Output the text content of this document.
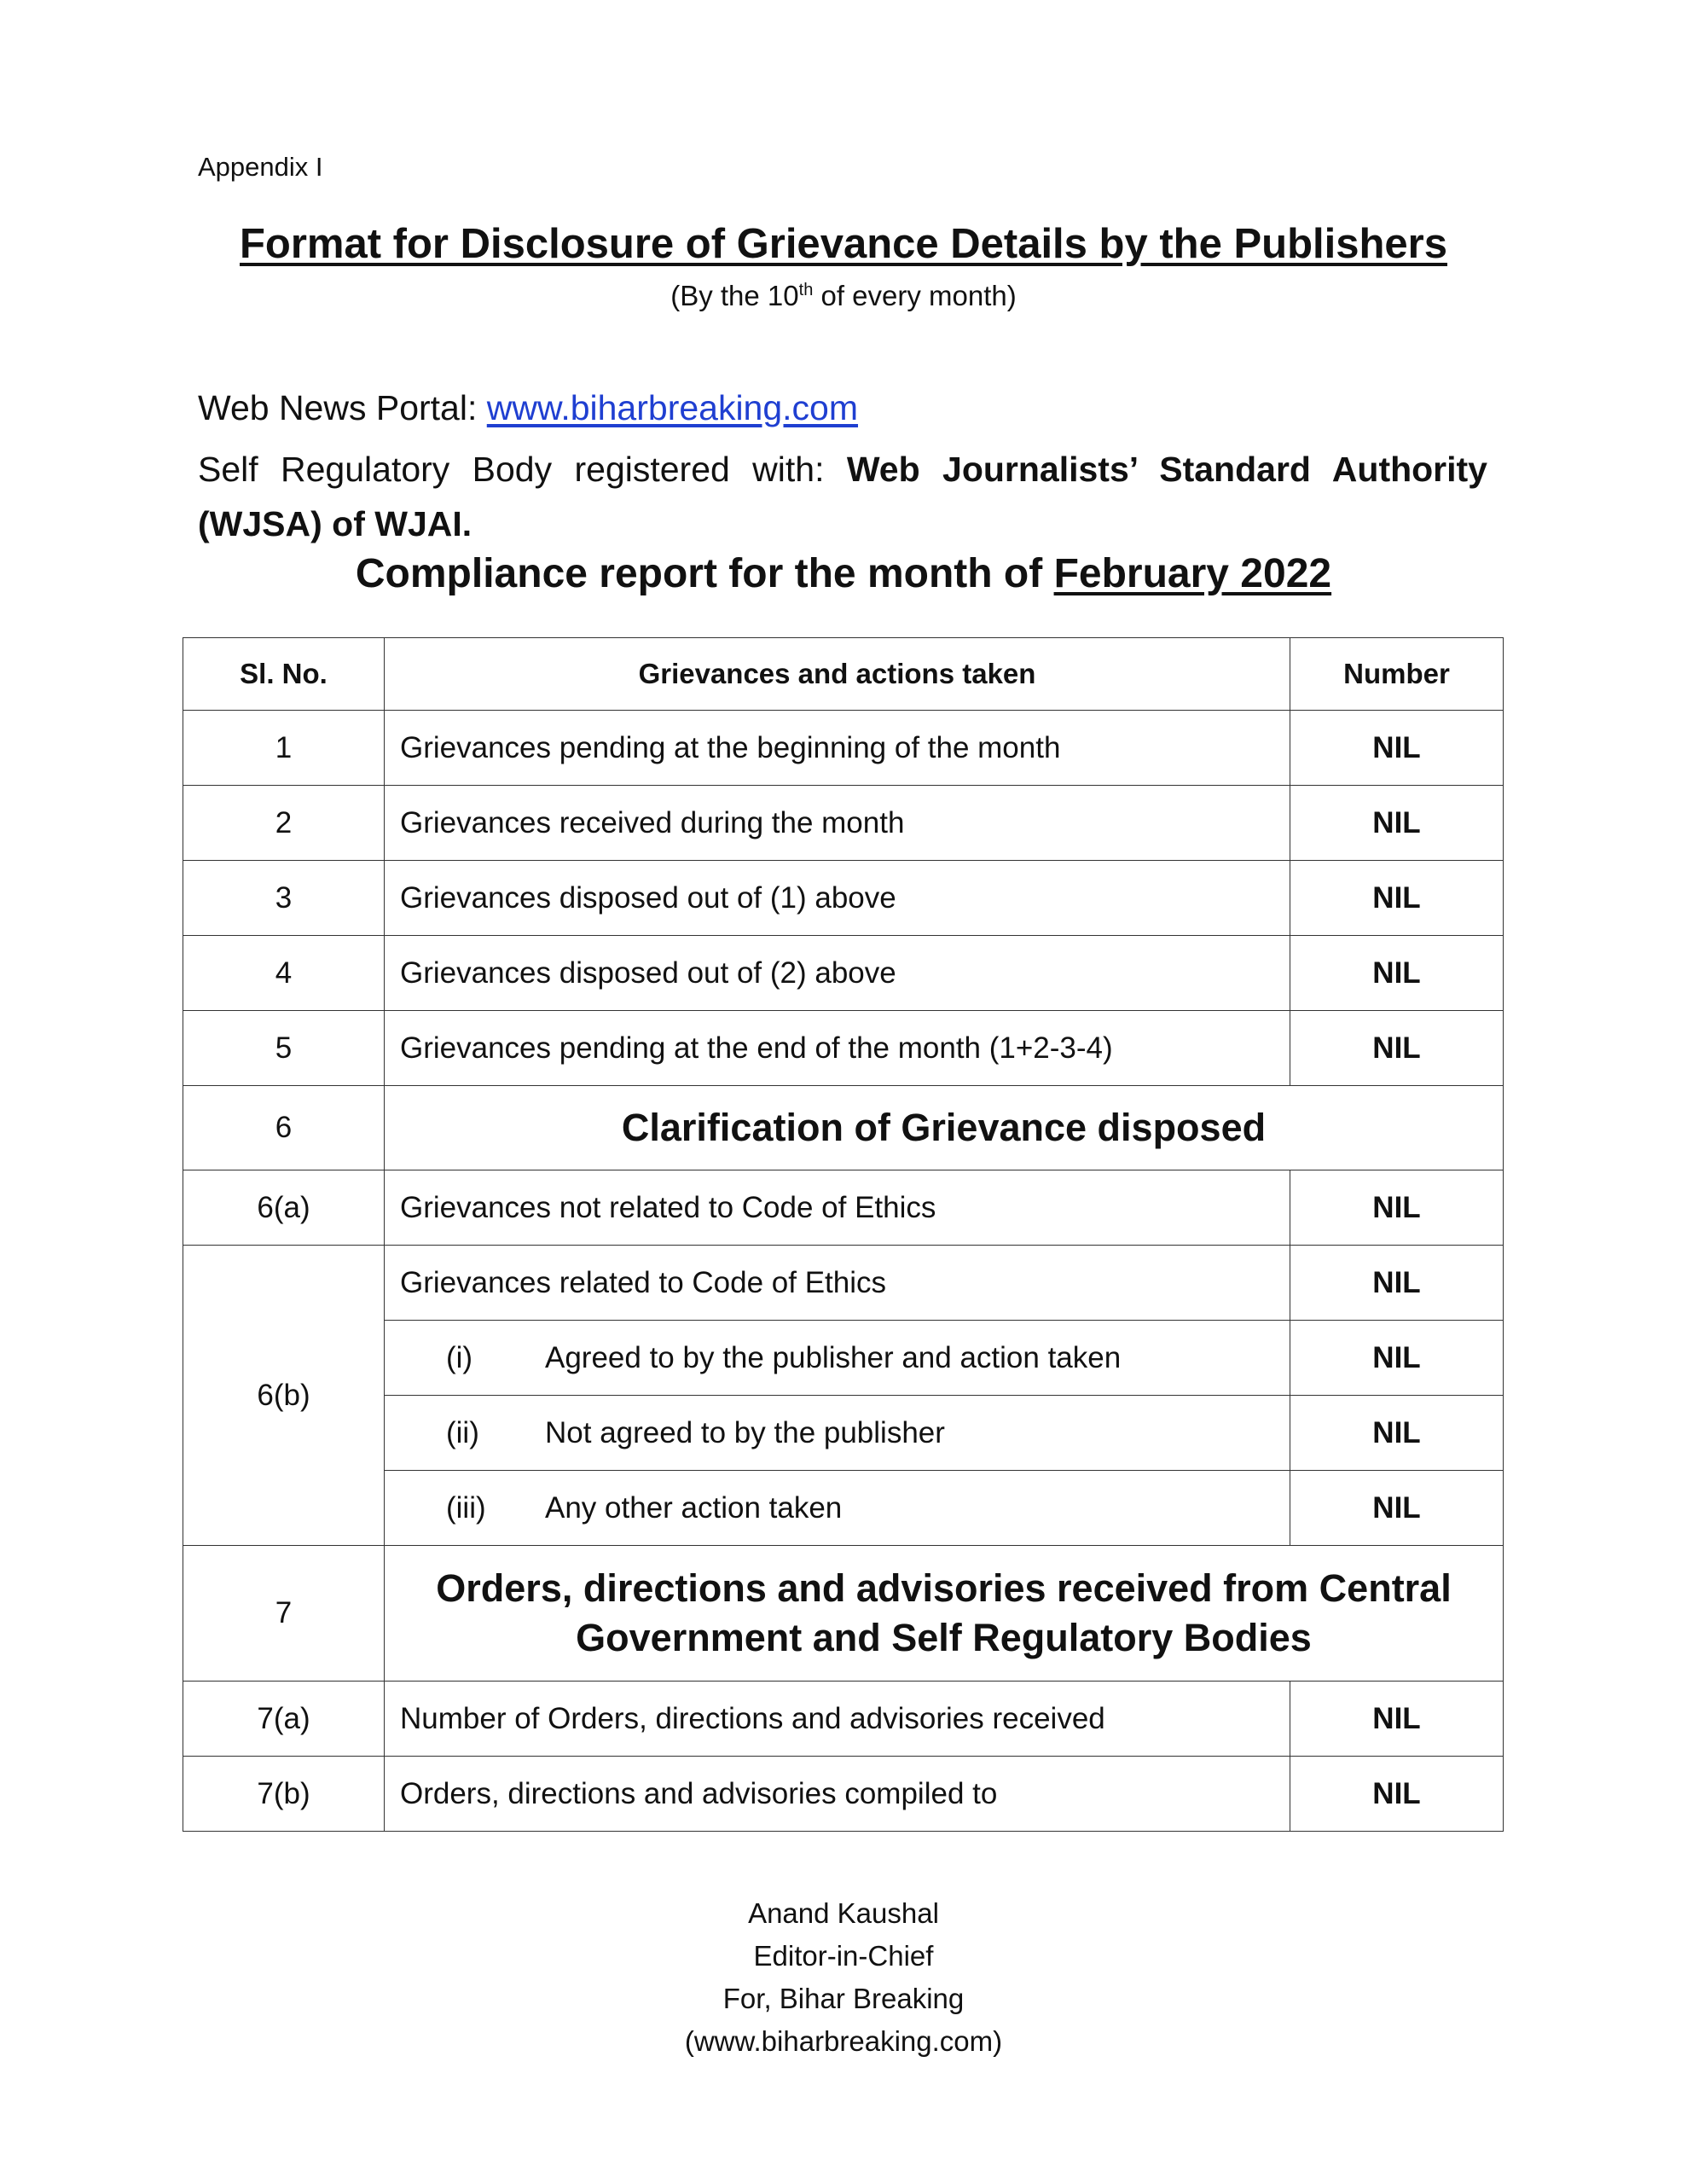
Appendix I
Format for Disclosure of Grievance Details by the Publishers
(By the 10th of every month)
Web News Portal: www.biharbreaking.com
Self Regulatory Body registered with: Web Journalists’ Standard Authority (WJSA) of WJAI.
Compliance report for the month of February 2022
Sl. No.	Grievances and actions taken	Number
1	Grievances pending at the beginning of the month	NIL
2	Grievances received during the month	NIL
3	Grievances disposed out of (1) above	NIL
4	Grievances disposed out of (2) above	NIL
5	Grievances pending at the end of the month (1+2-3-4)	NIL
6	Clarification of Grievance disposed	
6(a)	Grievances not related to Code of Ethics	NIL
6(b)	Grievances related to Code of Ethics	NIL
	(i) Agreed to by the publisher and action taken	NIL
	(ii) Not agreed to by the publisher	NIL
	(iii) Any other action taken	NIL
7	Orders, directions and advisories received from Central
Government and Self Regulatory Bodies	
7(a)	Number of Orders, directions and advisories received	NIL
7(b)	Orders, directions and advisories compiled to	NIL
Anand Kaushal
Editor-in-Chief
For, Bihar Breaking
(www.biharbreaking.com)
